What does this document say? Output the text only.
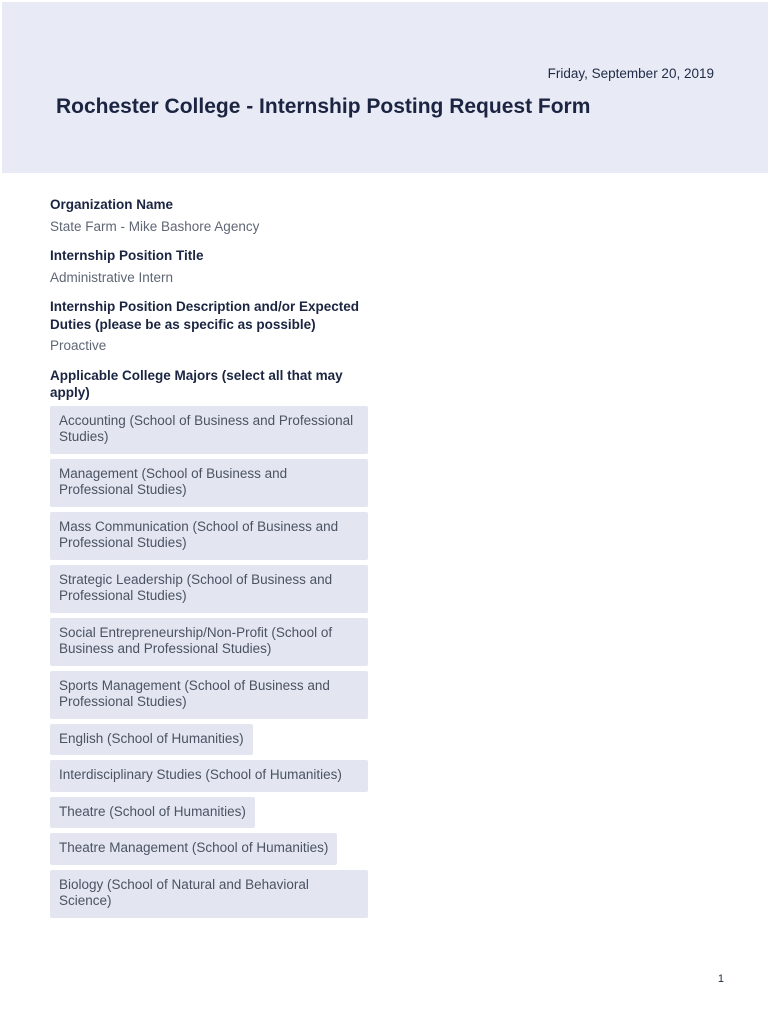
Friday, September 20, 2019
Rochester College - Internship Posting Request Form

Organization Name

State Farm - Mike Bashore Agency

Internship Position Title

Administrative Intern

Internship Position Description and/or Expected Duties (please be as specific as possible)

Proactive

Applicable College Majors (select all that may apply)

Accounting (School of Business and Professional Studies)
Management (School of Business and Professional Studies)
Mass Communication (School of Business and Professional Studies)
Strategic Leadership (School of Business and Professional Studies)
Social Entrepreneurship/Non-Profit (School of Business and Professional Studies)
Sports Management (School of Business and Professional Studies)
English (School of Humanities)
Interdisciplinary Studies (School of Humanities)
Theatre (School of Humanities)
Theatre Management (School of Humanities)
Biology (School of Natural and Behavioral Science)
1
